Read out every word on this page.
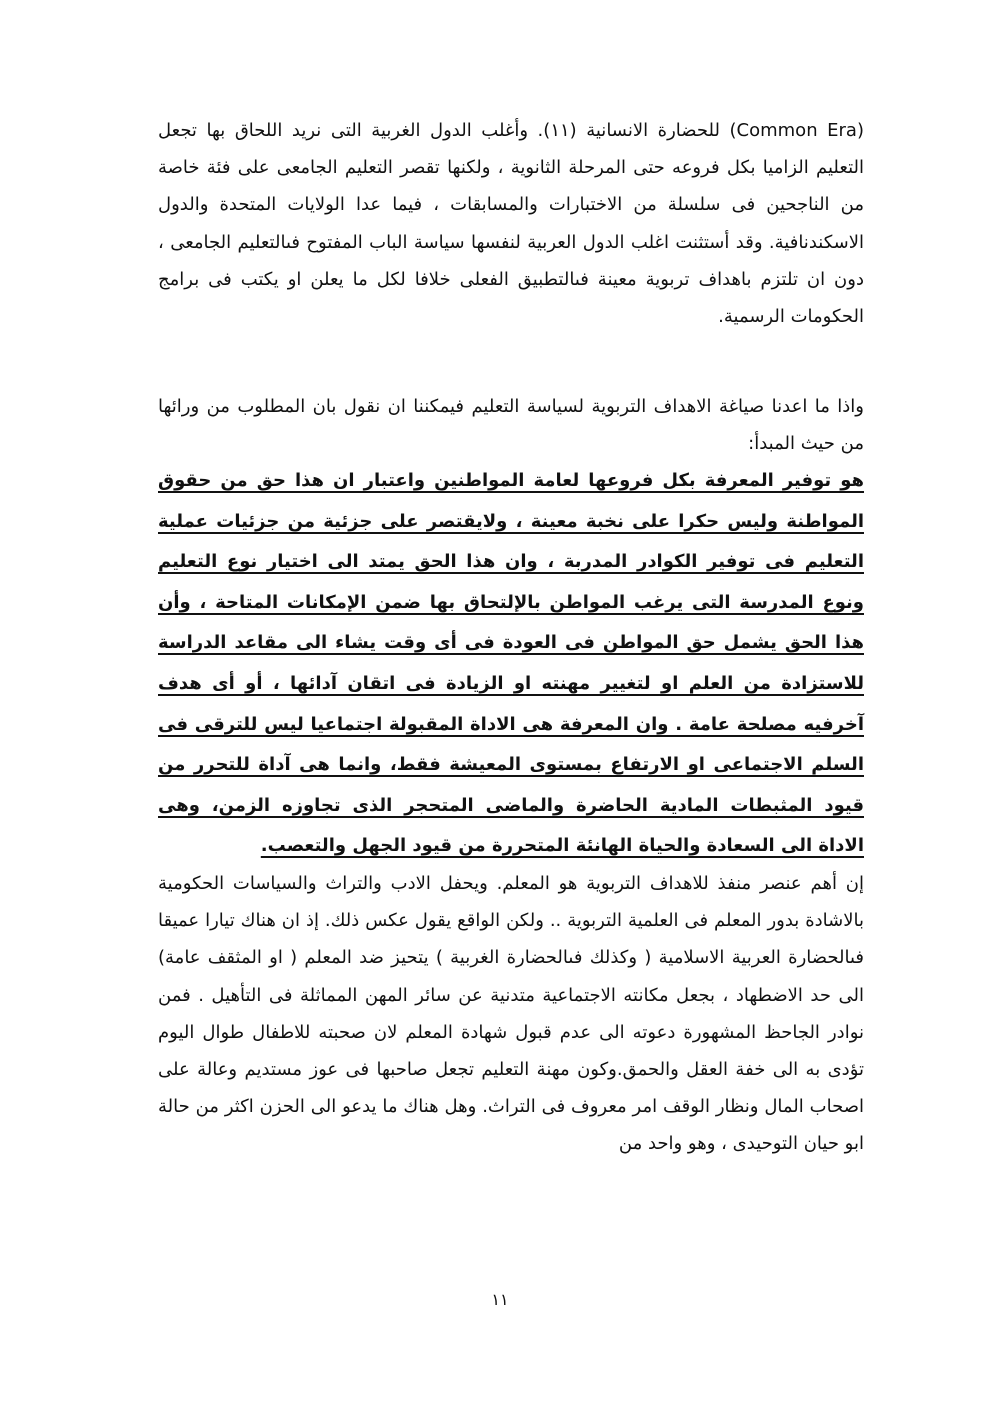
(Common Era) للحضارة الانسانية (١١). وأغلب الدول الغربية التى نريد اللحاق بها تجعل التعليم الزاميا بكل فروعه حتى المرحلة الثانوية ، ولكنها تقصر التعليم الجامعى على فئة خاصة من الناجحين فى سلسلة من الاختبارات والمسابقات ، فيما عدا الولايات المتحدة والدول الاسكندنافية. وقد أستثنت اغلب الدول العربية لنفسها سياسة الباب المفتوح فىالتعليم الجامعى ، دون ان تلتزم باهداف تربوية معينة فىالتطبيق الفعلى خلافا لكل ما يعلن او يكتب فى برامج الحكومات الرسمية.

واذا ما اعدنا صياغة الاهداف التربوية لسياسة التعليم فيمكننا ان نقول بان المطلوب من ورائها من حيث المبدأ:

هو توفير المعرفة بكل فروعها لعامة المواطنين واعتبار ان هذا حق من حقوق المواطنة وليس حكرا على نخبة معينة ، ولايقتصر على جزئية من جزئيات عملية التعليم فى توفير الكوادر المدربة ، وان هذا الحق يمتد الى اختيار نوع التعليم ونوع المدرسة التى يرغب المواطن بالإلتحاق بها ضمن الإمكانات المتاحة ، وأن هذا الحق يشمل حق المواطن فى العودة فى أى وقت يشاء الى مقاعد الدراسة للاستزادة من العلم او لتغيير مهنته او الزيادة فى اتقان آدائها ، أو أى هدف آخرفيه مصلحة عامة . وان المعرفة هى الاداة المقبولة اجتماعيا ليس للترقى فى السلم الاجتماعى او الارتفاع بمستوى المعيشة فقط، وانما هى آداة للتحرر من قيود المثبطات المادية الحاضرة والماضى المتحجر الذى تجاوزه الزمن، وهى الاداة الى السعادة والحياة الهانئة المتحررة من قيود الجهل والتعصب.

إن أهم عنصر منفذ للاهداف التربوية هو المعلم. ويحفل الادب والتراث والسياسات الحكومية بالاشادة بدور المعلم فى العلمية التربوية .. ولكن الواقع يقول عكس ذلك. إذ ان هناك تيارا عميقا فىالحضارة العربية الاسلامية ( وكذلك فىالحضارة الغربية ) يتحيز ضد المعلم ( او المثقف عامة) الى حد الاضطهاد ، بجعل مكانته الاجتماعية متدنية عن سائر المهن المماثلة فى التأهيل . فمن نوادر الجاحظ المشهورة دعوته الى عدم قبول شهادة المعلم لان صحبته للاطفال طوال اليوم تؤدى به الى خفة العقل والحمق.وكون مهنة التعليم تجعل صاحبها فى عوز مستديم وعالة على اصحاب المال ونظار الوقف امر معروف فى التراث. وهل هناك ما يدعو الى الحزن اكثر من حالة ابو حيان التوحيدى ، وهو واحد من

١١
